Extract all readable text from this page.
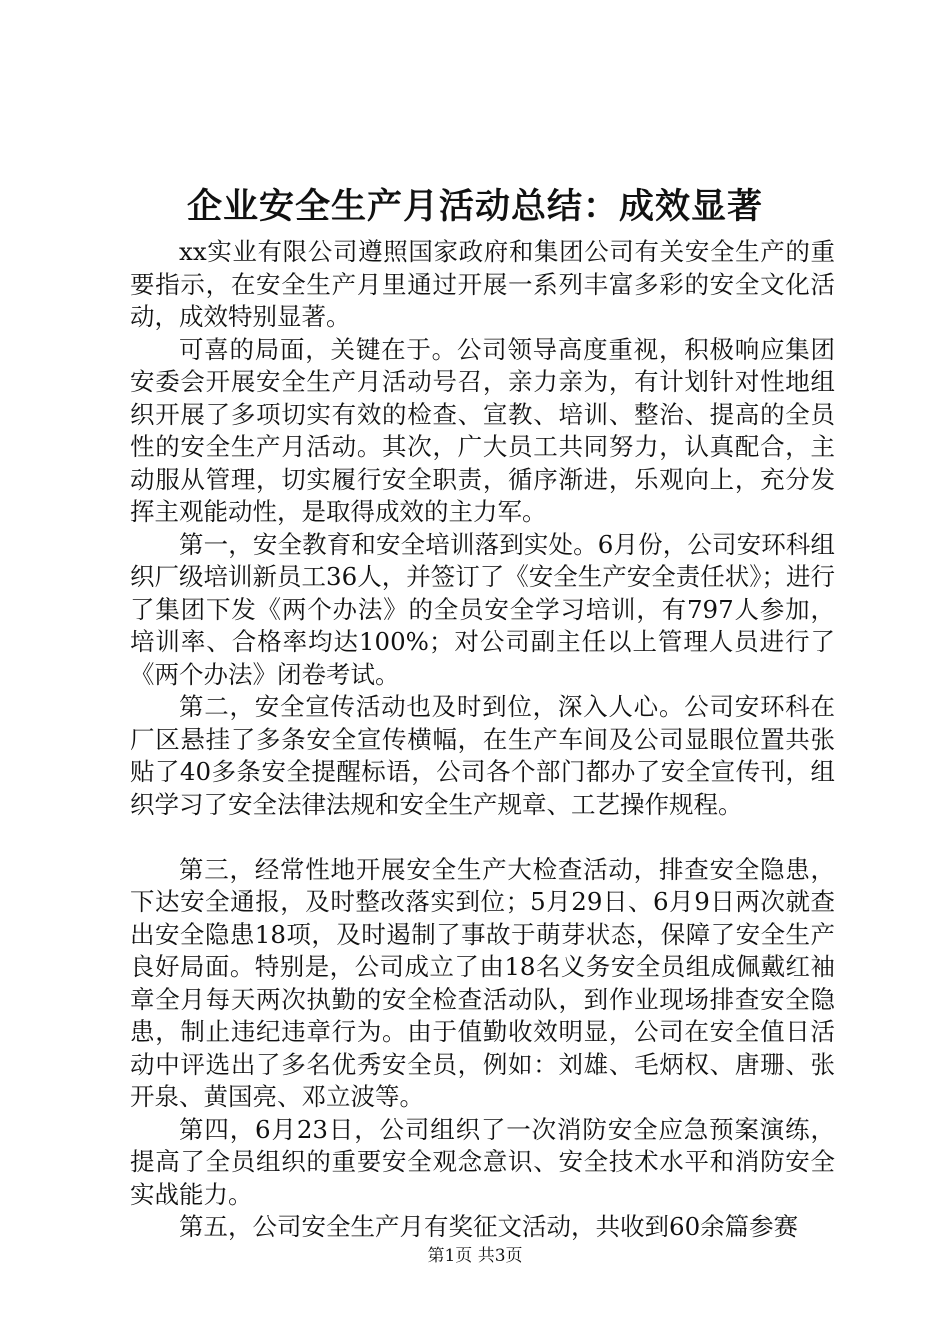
企业安全生产月活动总结：成效显著

xx实业有限公司遵照国家政府和集团公司有关安全生产的重要指示，在安全生产月里通过开展一系列丰富多彩的安全文化活动，成效特别显著。

可喜的局面，关键在于。公司领导高度重视，积极响应集团安委会开展安全生产月活动号召，亲力亲为，有计划针对性地组织开展了多项切实有效的检查、宣教、培训、整治、提高的全员性的安全生产月活动。其次，广大员工共同努力，认真配合，主动服从管理，切实履行安全职责，循序渐进，乐观向上，充分发挥主观能动性，是取得成效的主力军。

第一，安全教育和安全培训落到实处。6月份，公司安环科组织厂级培训新员工36人，并签订了《安全生产安全责任状》；进行了集团下发《两个办法》的全员安全学习培训，有797人参加，培训率、合格率均达100%；对公司副主任以上管理人员进行了《两个办法》闭卷考试。

第二，安全宣传活动也及时到位，深入人心。公司安环科在厂区悬挂了多条安全宣传横幅，在生产车间及公司显眼位置共张贴了40多条安全提醒标语，公司各个部门都办了安全宣传刊，组织学习了安全法律法规和安全生产规章、工艺操作规程。

第三，经常性地开展安全生产大检查活动，排查安全隐患，下达安全通报，及时整改落实到位；5月29日、6月9日两次就查出安全隐患18项，及时遏制了事故于萌芽状态，保障了安全生产良好局面。特别是，公司成立了由18名义务安全员组成佩戴红袖章全月每天两次执勤的安全检查活动队，到作业现场排查安全隐患，制止违纪违章行为。由于值勤收效明显，公司在安全值日活动中评选出了多名优秀安全员，例如：刘雄、毛炳权、唐珊、张开泉、黄国亮、邓立波等。

第四，6月23日，公司组织了一次消防安全应急预案演练，提高了全员组织的重要安全观念意识、安全技术水平和消防安全实战能力。

第五，公司安全生产月有奖征文活动，共收到60余篇参赛

第1页 共3页
